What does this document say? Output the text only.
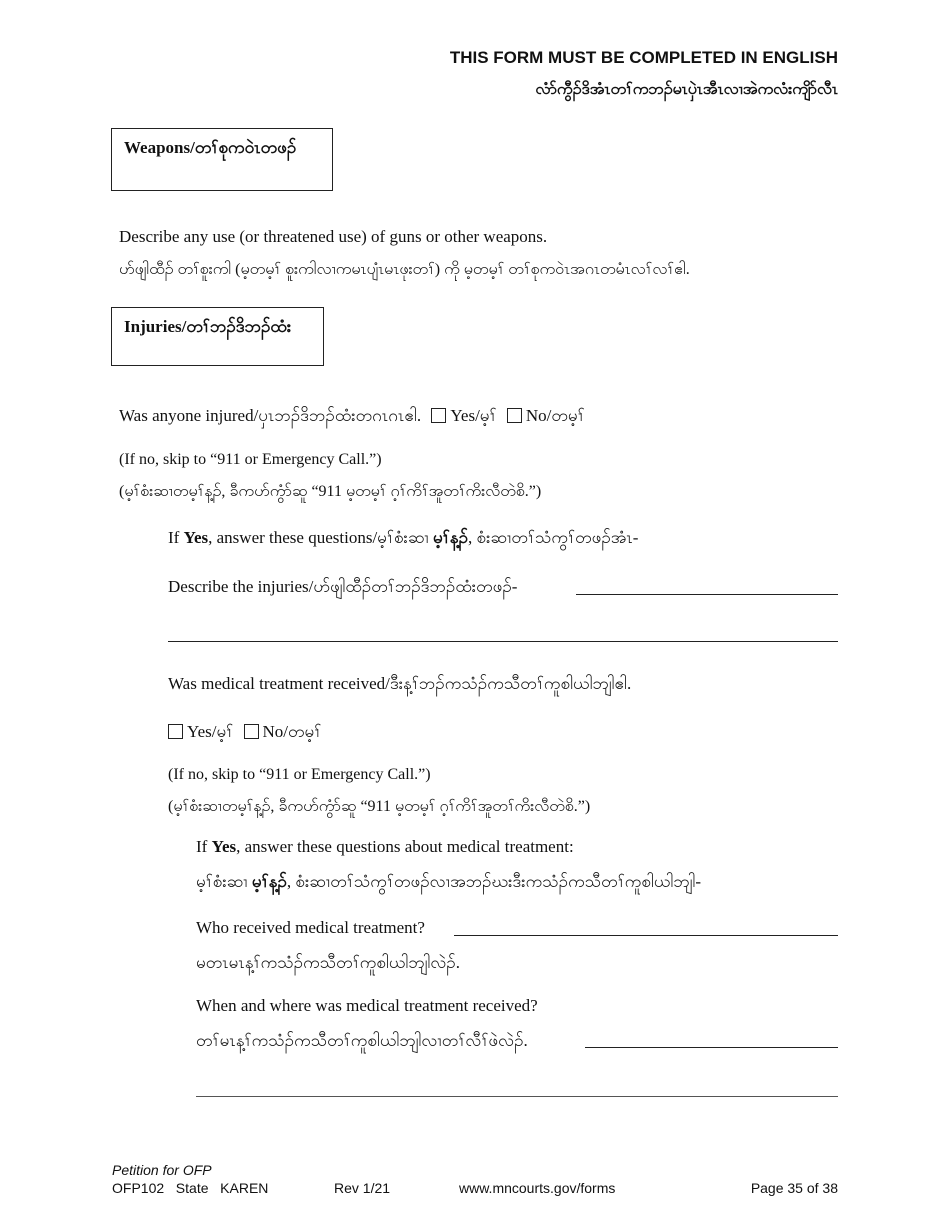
THIS FORM MUST BE COMPLETED IN ENGLISH
လံာ်ကွီၣ်ဒိအံၤတၢ်ကဘၣ်မၤပှဲၤအီၤလၢအဲကလံးကျိာ်လီၤ
Weapons/တၢ်စုကဝဲၤတဖၣ်
Describe any use (or threatened use) of guns or other weapons.
ဟ်ဖျါထီၣ် တၢ်စူးကါ (မ့တမ့ၢ် စူးကါလၢကမၤပျံၤမၤဖုးတၢ်) ကို မ့တမ့ၢ် တၢ်စုကဝဲၤအဂၤတမံၤလၢ်လၢ်ဧါ.
Injuries/တၢ်ဘၣ်ဒိဘၣ်ထံး
Was anyone injured/ပှၤဘၣ်ဒိဘၣ်ထံးတဂၤဂၤဧါ. Yes/မ့ၢ် No/တမ့ၢ်
(If no, skip to “911 or Emergency Call.”)
(မ့ၢ်စံးဆၢတမ့ၢ်န့ၣ်, ခီကဟ်ကွံာ်ဆူ “911 မ့တမ့ၢ် ဂ့ၢ်ကိၢ်အူတၢ်ကိးလီတဲစိ.”)
If Yes, answer these questions/မ့ၢ်စံးဆၢ မ့ၢ်န့ၣ်, စံးဆၢတၢ်သံကွၢ်တဖၣ်အံၤ-
Describe the injuries/ဟ်ဖျါထီၣ်တၢ်ဘၣ်ဒိဘၣ်ထံးတဖၣ်-
Was medical treatment received/ဒီးန့ၢ်ဘၣ်ကသံၣ်ကသီတၢ်ကူစါယါဘျါဧါ.
Yes/မ့ၢ် No/တမ့ၢ်
(If no, skip to “911 or Emergency Call.”)
(မ့ၢ်စံးဆၢတမ့ၢ်န့ၣ်, ခီကဟ်ကွံာ်ဆူ “911 မ့တမ့ၢ် ဂ့ၢ်ကိၢ်အူတၢ်ကိးလီတဲစိ.”)
If Yes, answer these questions about medical treatment:
မ့ၢ်စံးဆၢ မ့ၢ်န့ၣ်, စံးဆၢတၢ်သံကွၢ်တဖၣ်လၢအဘၣ်ဃးဒီးကသံၣ်ကသီတၢ်ကူစါယါဘျါ-
Who received medical treatment?
မတၤမၤန့ၢ်ကသံၣ်ကသီတၢ်ကူစါယါဘျါလဲၣ်.
When and where was medical treatment received?
တၢ်မၤန့ၢ်ကသံၣ်ကသီတၢ်ကူစါယါဘျါလၢတၢ်လီၢ်ဖဲလဲၣ်.
Petition for OFP
OFP102   State   KAREN	Rev 1/21	www.mncourts.gov/forms	Page 35 of 38
